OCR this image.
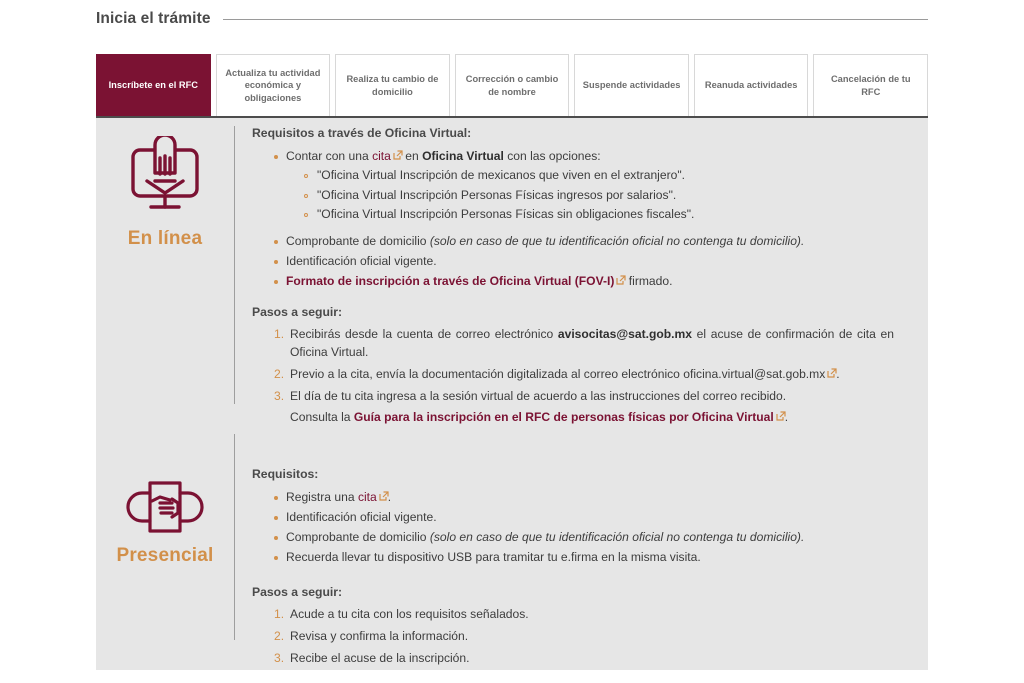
Inicia el trámite
Inscríbete en el RFC
Actualiza tu actividad económica y obligaciones
Realiza tu cambio de domicilio
Corrección o cambio de nombre
Suspende actividades	Reanuda actividades
Cancelación de tu RFC
En línea
Requisitos a través de Oficina Virtual:
Contar con una cita
en Oficina Virtual con las opciones:
"Oficina Virtual Inscripción de mexicanos que viven en el extranjero".
"Oficina Virtual Inscripción Personas Físicas ingresos por salarios".
"Oficina Virtual Inscripción Personas Físicas sin obligaciones fiscales".
Comprobante de domicilio (solo en caso de que tu identificación oficial no contenga tu domicilio).
Identificación oficial vigente.
Formato de inscripción a través de Oficina Virtual (FOV-I)
firmado.
Pasos a seguir:
Recibirás desde la cuenta de correo electrónico avisocitas@sat.gob.mx el acuse de confirmación de cita en Oficina Virtual.
Previo a la cita, envía la documentación digitalizada al correo electrónico oficina.virtual@sat.gob.mx .
El día de tu cita ingresa a la sesión virtual de acuerdo a las instrucciones del correo recibido.
Consulta la Guía para la inscripción en el RFC de personas físicas por Oficina Virtual .
Presencial
Requisitos:
Registra una cita .
Identificación oficial vigente.
Comprobante de domicilio (solo en caso de que tu identificación oficial no contenga tu domicilio).
Recuerda llevar tu dispositivo USB para tramitar tu e.firma en la misma visita.
Pasos a seguir:
Acude a tu cita con los requisitos señalados.
Revisa y confirma la información.
Recibe el acuse de la inscripción.
